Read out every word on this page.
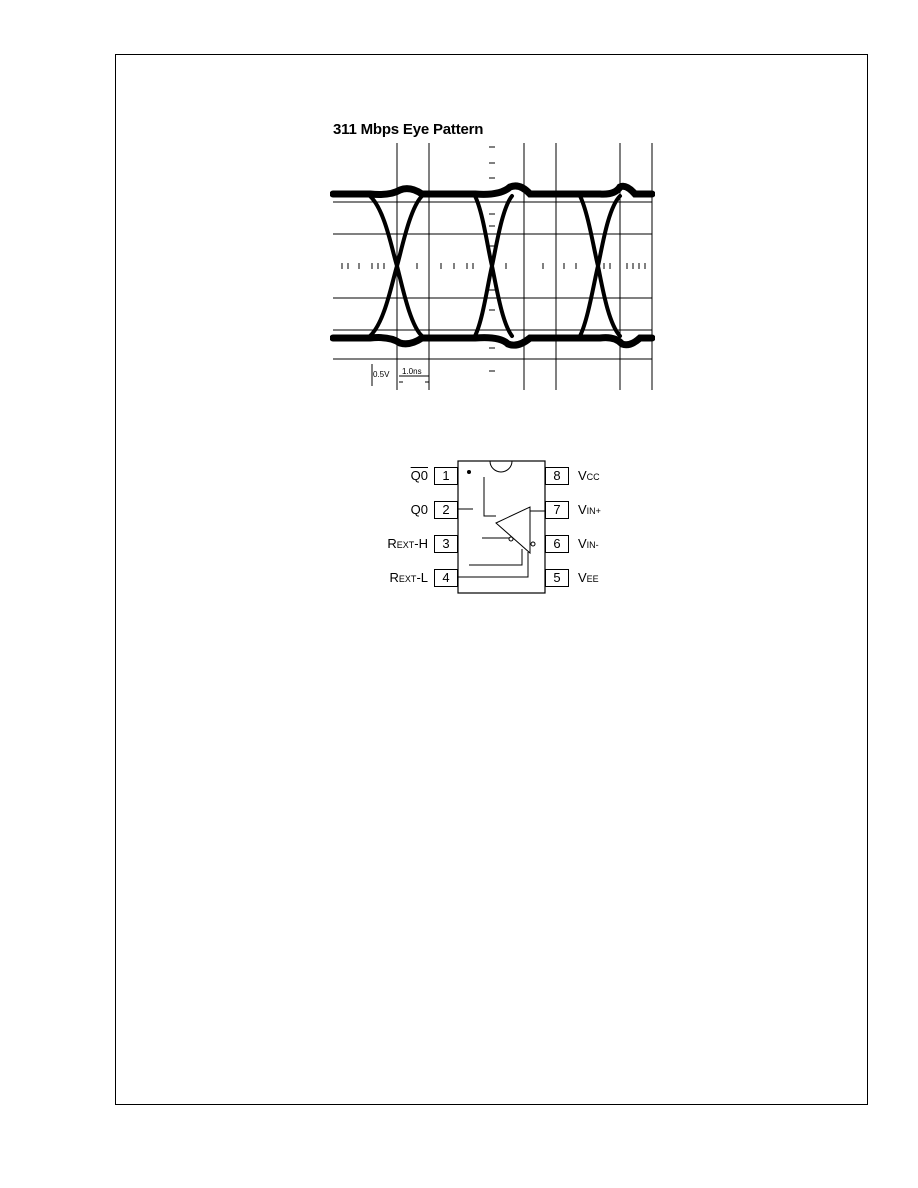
311 Mbps Eye Pattern
0.5V 1.0ns
1
2
3
4	5
6
7
8
Q0
Q0
REXT-H
REXT-L	VEE
VIN-
VIN+
VCC
